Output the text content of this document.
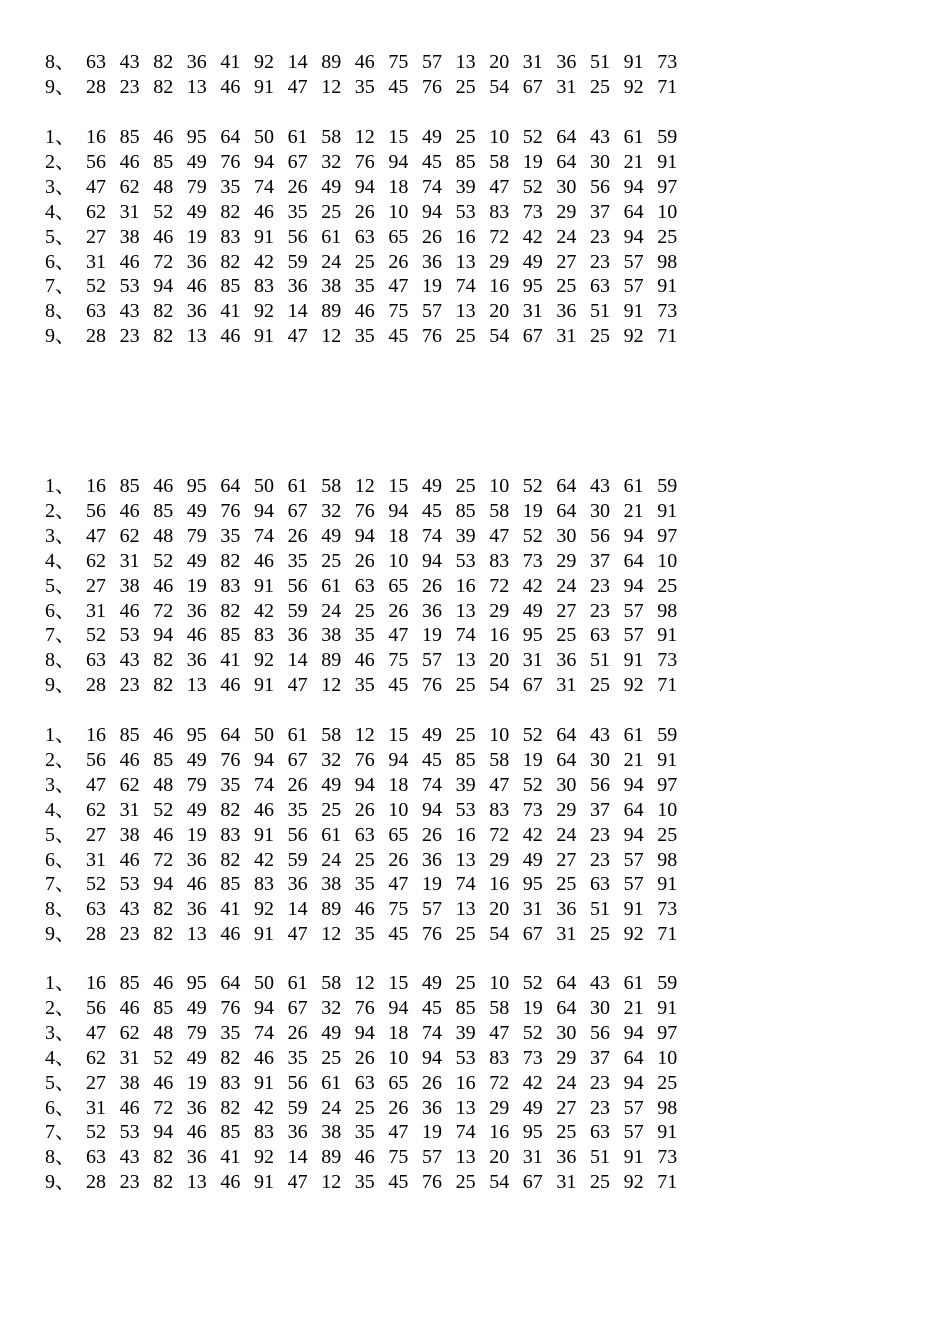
8、 63 43 82 36 41 92 14 89 46 75 57 13 20 31 36 51 91 73
9、 28 23 82 13 46 91 47 12 35 45 76 25 54 67 31 25 92 71
1、 16 85 46 95 64 50 61 58 12 15 49 25 10 52 64 43 61 59
2、 56 46 85 49 76 94 67 32 76 94 45 85 58 19 64 30 21 91
3、 47 62 48 79 35 74 26 49 94 18 74 39 47 52 30 56 94 97
4、 62 31 52 49 82 46 35 25 26 10 94 53 83 73 29 37 64 10
5、 27 38 46 19 83 91 56 61 63 65 26 16 72 42 24 23 94 25
6、 31 46 72 36 82 42 59 24 25 26 36 13 29 49 27 23 57 98
7、 52 53 94 46 85 83 36 38 35 47 19 74 16 95 25 63 57 91
8、 63 43 82 36 41 92 14 89 46 75 57 13 20 31 36 51 91 73
9、 28 23 82 13 46 91 47 12 35 45 76 25 54 67 31 25 92 71
1、 16 85 46 95 64 50 61 58 12 15 49 25 10 52 64 43 61 59
2、 56 46 85 49 76 94 67 32 76 94 45 85 58 19 64 30 21 91
3、 47 62 48 79 35 74 26 49 94 18 74 39 47 52 30 56 94 97
4、 62 31 52 49 82 46 35 25 26 10 94 53 83 73 29 37 64 10
5、 27 38 46 19 83 91 56 61 63 65 26 16 72 42 24 23 94 25
6、 31 46 72 36 82 42 59 24 25 26 36 13 29 49 27 23 57 98
7、 52 53 94 46 85 83 36 38 35 47 19 74 16 95 25 63 57 91
8、 63 43 82 36 41 92 14 89 46 75 57 13 20 31 36 51 91 73
9、 28 23 82 13 46 91 47 12 35 45 76 25 54 67 31 25 92 71
1、 16 85 46 95 64 50 61 58 12 15 49 25 10 52 64 43 61 59
2、 56 46 85 49 76 94 67 32 76 94 45 85 58 19 64 30 21 91
3、 47 62 48 79 35 74 26 49 94 18 74 39 47 52 30 56 94 97
4、 62 31 52 49 82 46 35 25 26 10 94 53 83 73 29 37 64 10
5、 27 38 46 19 83 91 56 61 63 65 26 16 72 42 24 23 94 25
6、 31 46 72 36 82 42 59 24 25 26 36 13 29 49 27 23 57 98
7、 52 53 94 46 85 83 36 38 35 47 19 74 16 95 25 63 57 91
8、 63 43 82 36 41 92 14 89 46 75 57 13 20 31 36 51 91 73
9、 28 23 82 13 46 91 47 12 35 45 76 25 54 67 31 25 92 71
1、 16 85 46 95 64 50 61 58 12 15 49 25 10 52 64 43 61 59
2、 56 46 85 49 76 94 67 32 76 94 45 85 58 19 64 30 21 91
3、 47 62 48 79 35 74 26 49 94 18 74 39 47 52 30 56 94 97
4、 62 31 52 49 82 46 35 25 26 10 94 53 83 73 29 37 64 10
5、 27 38 46 19 83 91 56 61 63 65 26 16 72 42 24 23 94 25
6、 31 46 72 36 82 42 59 24 25 26 36 13 29 49 27 23 57 98
7、 52 53 94 46 85 83 36 38 35 47 19 74 16 95 25 63 57 91
8、 63 43 82 36 41 92 14 89 46 75 57 13 20 31 36 51 91 73
9、 28 23 82 13 46 91 47 12 35 45 76 25 54 67 31 25 92 71
